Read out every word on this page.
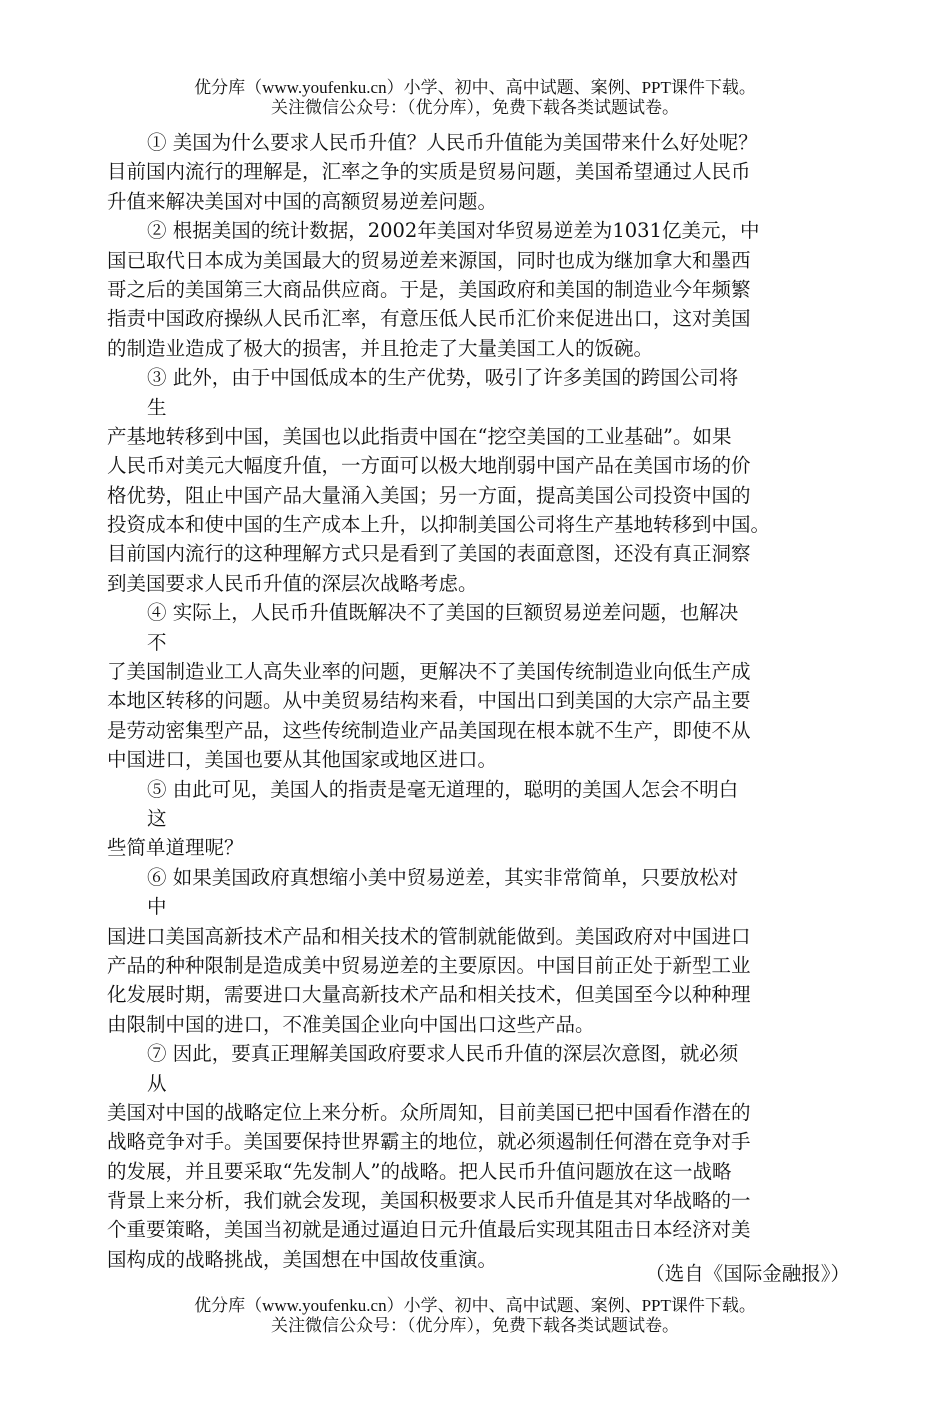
优分库（www.youfenku.cn）小学、初中、高中试题、案例、PPT课件下载。
关注微信公众号：（优分库），免费下载各类试题试卷。
① 美国为什么要求人民币升值？人民币升值能为美国带来什么好处呢？
目前国内流行的理解是，汇率之争的实质是贸易问题，美国希望通过人民币
升值来解决美国对中国的高额贸易逆差问题。
② 根据美国的统计数据，2002年美国对华贸易逆差为1031亿美元，中
国已取代日本成为美国最大的贸易逆差来源国，同时也成为继加拿大和墨西
哥之后的美国第三大商品供应商。于是，美国政府和美国的制造业今年频繁
指责中国政府操纵人民币汇率，有意压低人民币汇价来促进出口，这对美国
的制造业造成了极大的损害，并且抢走了大量美国工人的饭碗。
③ 此外，由于中国低成本的生产优势，吸引了许多美国的跨国公司将
生
产基地转移到中国，美国也以此指责中国在“挖空美国的工业基础”。如果
人民币对美元大幅度升值，一方面可以极大地削弱中国产品在美国市场的价
格优势，阻止中国产品大量涌入美国；另一方面，提高美国公司投资中国的
投资成本和使中国的生产成本上升，以抑制美国公司将生产基地转移到中国。
目前国内流行的这种理解方式只是看到了美国的表面意图，还没有真正洞察
到美国要求人民币升值的深层次战略考虑。
④ 实际上，人民币升值既解决不了美国的巨额贸易逆差问题，也解决
不
了美国制造业工人高失业率的问题，更解决不了美国传统制造业向低生产成
本地区转移的问题。从中美贸易结构来看，中国出口到美国的大宗产品主要
是劳动密集型产品，这些传统制造业产品美国现在根本就不生产，即使不从
中国进口，美国也要从其他国家或地区进口。
⑤ 由此可见，美国人的指责是毫无道理的，聪明的美国人怎会不明白
这
些简单道理呢？
⑥ 如果美国政府真想缩小美中贸易逆差，其实非常简单，只要放松对
中
国进口美国高新技术产品和相关技术的管制就能做到。美国政府对中国进口
产品的种种限制是造成美中贸易逆差的主要原因。中国目前正处于新型工业
化发展时期，需要进口大量高新技术产品和相关技术，但美国至今以种种理
由限制中国的进口，不准美国企业向中国出口这些产品。
⑦ 因此，要真正理解美国政府要求人民币升值的深层次意图，就必须
从
美国对中国的战略定位上来分析。众所周知，目前美国已把中国看作潜在的
战略竞争对手。美国要保持世界霸主的地位，就必须遏制任何潜在竞争对手
的发展，并且要采取“先发制人”的战略。把人民币升值问题放在这一战略
背景上来分析，我们就会发现，美国积极要求人民币升值是其对华战略的一
个重要策略，美国当初就是通过逼迫日元升值最后实现其阻击日本经济对美
国构成的战略挑战，美国想在中国故伎重演。
（选自《国际金融报》）
优分库（www.youfenku.cn）小学、初中、高中试题、案例、PPT课件下载。
关注微信公众号：（优分库），免费下载各类试题试卷。
